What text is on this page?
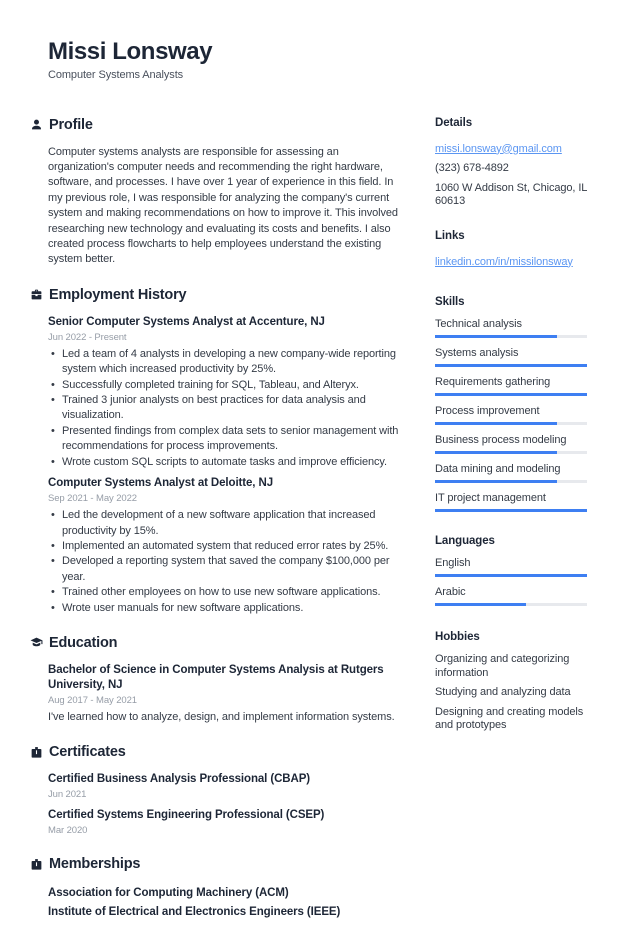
Missi Lonsway
Computer Systems Analysts
Profile

Computer systems analysts are responsible for assessing an organization's computer needs and recommending the right hardware, software, and processes. I have over 1 year of experience in this field. In my previous role, I was responsible for analyzing the company's current system and making recommendations on how to improve it. This involved researching new technology and evaluating its costs and benefits. I also created process flowcharts to help employees understand the existing system better.

Employment History
Senior Computer Systems Analyst at Accenture, NJ
Jun 2022 - Present
• Led a team of 4 analysts in developing a new company-wide reporting system which increased productivity by 25%.
• Successfully completed training for SQL, Tableau, and Alteryx.
• Trained 3 junior analysts on best practices for data analysis and visualization.
• Presented findings from complex data sets to senior management with recommendations for process improvements.
• Wrote custom SQL scripts to automate tasks and improve efficiency.
Computer Systems Analyst at Deloitte, NJ
Sep 2021 - May 2022
• Led the development of a new software application that increased productivity by 15%.
• Implemented an automated system that reduced error rates by 25%.
• Developed a reporting system that saved the company $100,000 per year.
• Trained other employees on how to use new software applications.
• Wrote user manuals for new software applications.
Education
Bachelor of Science in Computer Systems Analysis at Rutgers University, NJ
Aug 2017 - May 2021

I've learned how to analyze, design, and implement information systems.

Certificates
Certified Business Analysis Professional (CBAP)
Jun 2021
Certified Systems Engineering Professional (CSEP)
Mar 2020
Memberships
Association for Computing Machinery (ACM)
Institute of Electrical and Electronics Engineers (IEEE)
Details
missi.lonsway@gmail.com
(323) 678-4892
1060 W Addison St, Chicago, IL 60613
Links
linkedin.com/in/missilonsway
Skills
Technical analysis
Systems analysis
Requirements gathering
Process improvement
Business process modeling
Data mining and modeling
IT project management
Languages
English
Arabic
Hobbies
Organizing and categorizing information
Studying and analyzing data
Designing and creating models and prototypes
